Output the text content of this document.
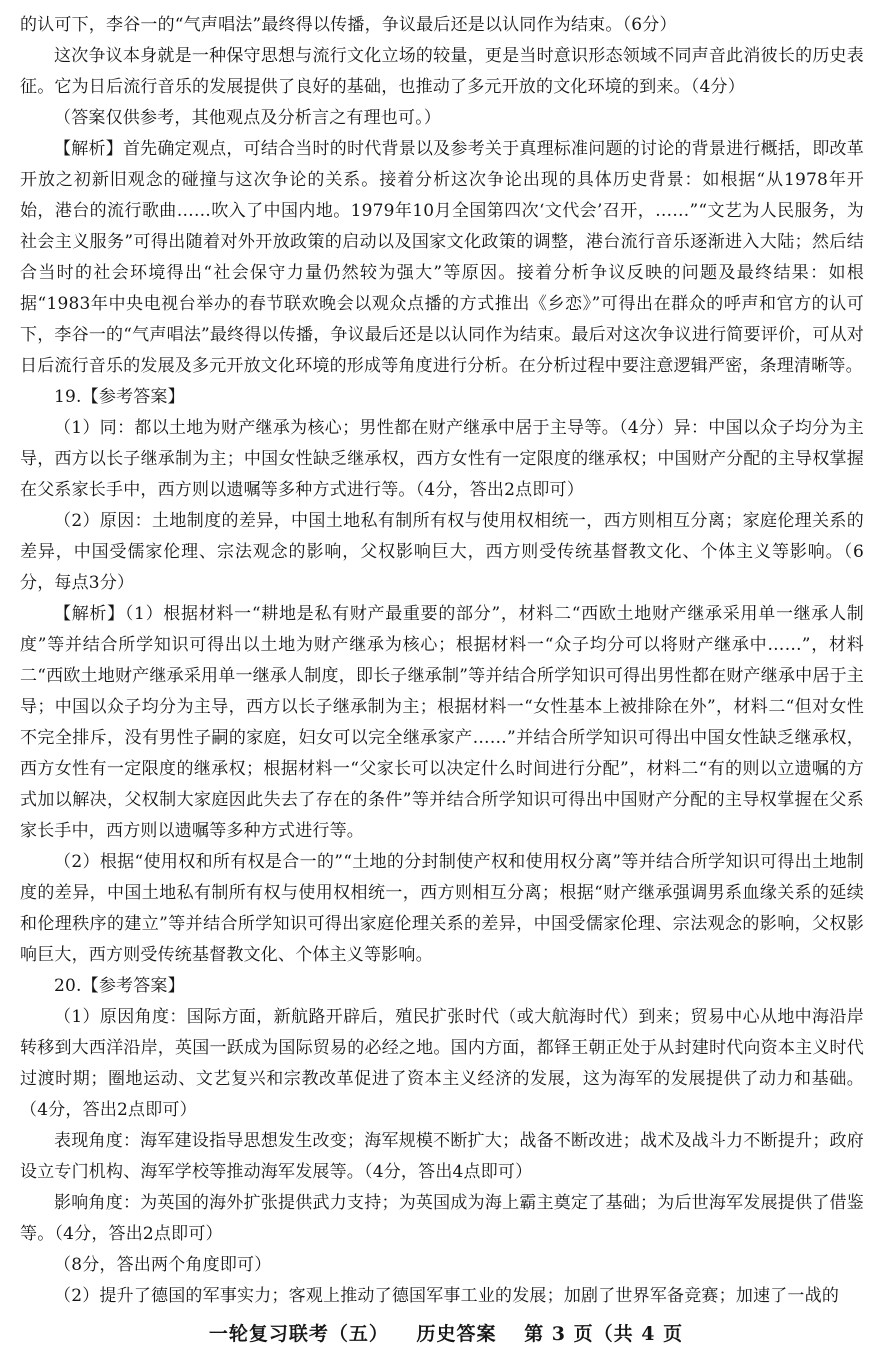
的认可下，李谷一的“气声唱法”最终得以传播，争议最后还是以认同作为结束。（6分）

这次争议本身就是一种保守思想与流行文化立场的较量，更是当时意识形态领域不同声音此消彼长的历史表征。它为日后流行音乐的发展提供了良好的基础，也推动了多元开放的文化环境的到来。（4分）

（答案仅供参考，其他观点及分析言之有理也可。）

【解析】首先确定观点，可结合当时的时代背景以及参考关于真理标准问题的讨论的背景进行概括，即改革开放之初新旧观念的碰撞与这次争论的关系。接着分析这次争论出现的具体历史背景：如根据“从1978年开始，港台的流行歌曲……吹入了中国内地。1979年10月全国第四次‘文代会’召开，……”“文艺为人民服务，为社会主义服务”可得出随着对外开放政策的启动以及国家文化政策的调整，港台流行音乐逐渐进入大陆；然后结合当时的社会环境得出“社会保守力量仍然较为强大”等原因。接着分析争议反映的问题及最终结果：如根据“1983年中央电视台举办的春节联欢晚会以观众点播的方式推出《乡恋》”可得出在群众的呼声和官方的认可下，李谷一的“气声唱法”最终得以传播，争议最后还是以认同作为结束。最后对这次争议进行简要评价，可从对日后流行音乐的发展及多元开放文化环境的形成等角度进行分析。在分析过程中要注意逻辑严密，条理清晰等。

19.【参考答案】

（1）同：都以土地为财产继承为核心；男性都在财产继承中居于主导等。（4分）异：中国以众子均分为主导，西方以长子继承制为主；中国女性缺乏继承权，西方女性有一定限度的继承权；中国财产分配的主导权掌握在父系家长手中，西方则以遗嘱等多种方式进行等。（4分，答出2点即可）

（2）原因：土地制度的差异，中国土地私有制所有权与使用权相统一，西方则相互分离；家庭伦理关系的差异，中国受儒家伦理、宗法观念的影响，父权影响巨大，西方则受传统基督教文化、个体主义等影响。（6分，每点3分）

【解析】（1）根据材料一“耕地是私有财产最重要的部分”，材料二“西欧土地财产继承采用单一继承人制度”等并结合所学知识可得出以土地为财产继承为核心；根据材料一“众子均分可以将财产继承中……”，材料二“西欧土地财产继承采用单一继承人制度，即长子继承制”等并结合所学知识可得出男性都在财产继承中居于主导；中国以众子均分为主导，西方以长子继承制为主；根据材料一“女性基本上被排除在外”，材料二“但对女性不完全排斥，没有男性子嗣的家庭，妇女可以完全继承家产……”并结合所学知识可得出中国女性缺乏继承权，西方女性有一定限度的继承权；根据材料一“父家长可以决定什么时间进行分配”，材料二“有的则以立遗嘱的方式加以解决，父权制大家庭因此失去了存在的条件”等并结合所学知识可得出中国财产分配的主导权掌握在父系家长手中，西方则以遗嘱等多种方式进行等。

（2）根据“使用权和所有权是合一的”“土地的分封制使产权和使用权分离”等并结合所学知识可得出土地制度的差异，中国土地私有制所有权与使用权相统一，西方则相互分离；根据“财产继承强调男系血缘关系的延续和伦理秩序的建立”等并结合所学知识可得出家庭伦理关系的差异，中国受儒家伦理、宗法观念的影响，父权影响巨大，西方则受传统基督教文化、个体主义等影响。

20.【参考答案】

（1）原因角度：国际方面，新航路开辟后，殖民扩张时代（或大航海时代）到来；贸易中心从地中海沿岸转移到大西洋沿岸，英国一跃成为国际贸易的必经之地。国内方面，都铎王朝正处于从封建时代向资本主义时代过渡时期；圈地运动、文艺复兴和宗教改革促进了资本主义经济的发展，这为海军的发展提供了动力和基础。（4分，答出2点即可）

表现角度：海军建设指导思想发生改变；海军规模不断扩大；战备不断改进；战术及战斗力不断提升；政府设立专门机构、海军学校等推动海军发展等。（4分，答出4点即可）

影响角度：为英国的海外扩张提供武力支持；为英国成为海上霸主奠定了基础；为后世海军发展提供了借鉴等。（4分，答出2点即可）

（8分，答出两个角度即可）

（2）提升了德国的军事实力；客观上推动了德国军事工业的发展；加剧了世界军备竞赛；加速了一战的

一轮复习联考（五） 历史答案 第 3 页（共 4 页
